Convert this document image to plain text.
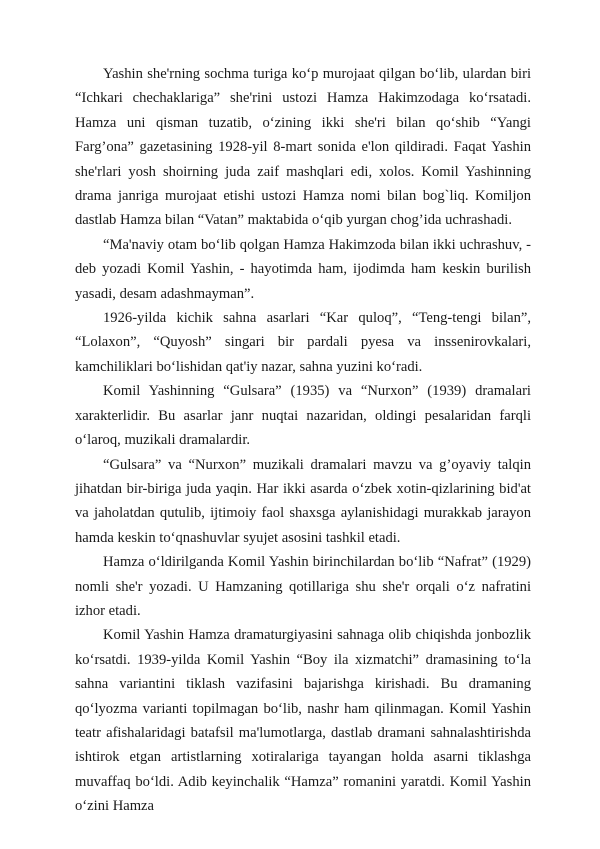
Yashin she'rning sochma turiga ko‘p murojaat qilgan bo‘lib, ulardan biri “Ichkari chechaklariga” she'rini ustozi Hamza Hakimzodaga ko‘rsatadi. Hamza uni qisman tuzatib, o‘zining ikki she'ri bilan qo‘shib “Yangi Farg’ona” gazetasining 1928-yil 8-mart sonida e'lon qildiradi. Faqat Yashin she'rlari yosh shoirning juda zaif mashqlari edi, xolos. Komil Yashinning drama janriga murojaat etishi ustozi Hamza nomi bilan bog`liq. Komiljon dastlab Hamza bilan “Vatan” maktabida o‘qib yurgan chog’ida uchrashadi.

“Ma'naviy otam bo‘lib qolgan Hamza Hakimzoda bilan ikki uchrashuv, - deb yozadi Komil Yashin, - hayotimda ham, ijodimda ham keskin burilish yasadi, desam adashmayman”.

1926-yilda kichik sahna asarlari “Kar quloq”, “Teng-tengi bilan”, “Lolaxon”, “Quyosh” singari bir pardali pyesa va inssenirovkalari, kamchiliklari bo‘lishidan qat'iy nazar, sahna yuzini ko‘radi.

Komil Yashinning “Gulsara” (1935) va “Nurxon” (1939) dramalari xarakterlidir. Bu asarlar janr nuqtai nazaridan, oldingi pesalaridan farqli o‘laroq, muzikali dramalardir.

“Gulsara” va “Nurxon” muzikali dramalari mavzu va g’oyaviy talqin jihatdan bir-biriga juda yaqin. Har ikki asarda o‘zbek xotin-qizlarining bid'at va jaholatdan qutulib, ijtimoiy faol shaxsga aylanishidagi murakkab jarayon hamda keskin to‘qnashuvlar syujet asosini tashkil etadi.

Hamza o‘ldirilganda Komil Yashin birinchilardan bo‘lib “Nafrat” (1929) nomli she'r yozadi. U Hamzaning qotillariga shu she'r orqali o‘z nafratini izhor etadi.

Komil Yashin Hamza dramaturgiyasini sahnaga olib chiqishda jonbozlik ko‘rsatdi. 1939-yilda Komil Yashin “Boy ila xizmatchi” dramasining to‘la sahna variantini tiklash vazifasini bajarishga kirishadi. Bu dramaning qo‘lyozma varianti topilmagan bo‘lib, nashr ham qilinmagan. Komil Yashin teatr afishalaridagi batafsil ma'lumotlarga, dastlab dramani sahnalashtirishda ishtirok etgan artistlarning xotiralariga tayangan holda asarni tiklashga muvaffaq bo‘ldi. Adib keyinchalik “Hamza” romanini yaratdi. Komil Yashin o‘zini Hamza
